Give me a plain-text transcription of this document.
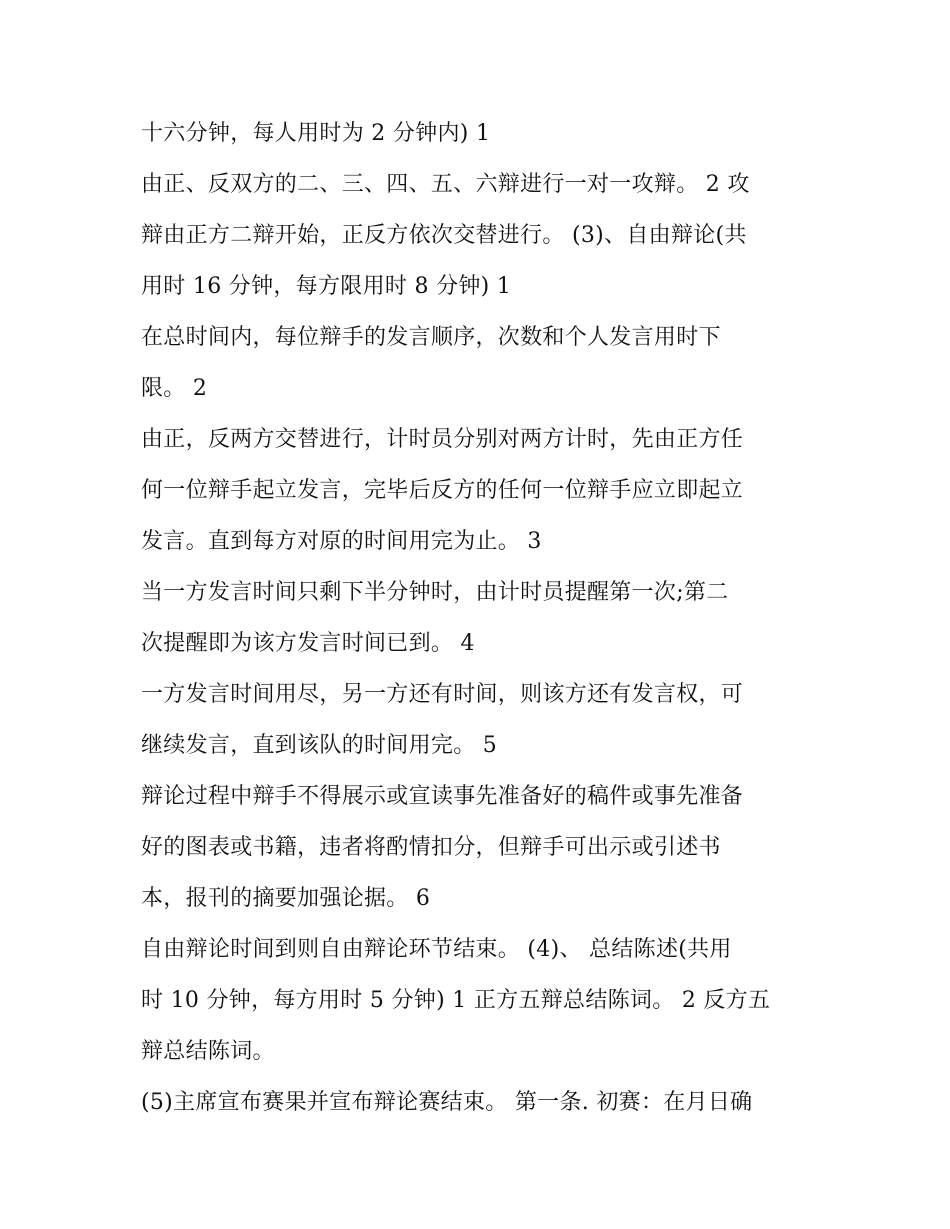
十六分钟，每人用时为 2 分钟内) 1
由正、反双方的二、三、四、五、六辩进行一对一攻辩。 2 攻
辩由正方二辩开始，正反方依次交替进行。 (3)、自由辩论(共
用时 16 分钟，每方限用时 8 分钟) 1
在总时间内，每位辩手的发言顺序，次数和个人发言用时下
限。 2
由正，反两方交替进行，计时员分别对两方计时，先由正方任
何一位辩手起立发言，完毕后反方的任何一位辩手应立即起立
发言。直到每方对原的时间用完为止。 3
当一方发言时间只剩下半分钟时，由计时员提醒第一次;第二
次提醒即为该方发言时间已到。 4
一方发言时间用尽，另一方还有时间，则该方还有发言权，可
继续发言，直到该队的时间用完。 5
辩论过程中辩手不得展示或宣读事先准备好的稿件或事先准备
好的图表或书籍，违者将酌情扣分，但辩手可出示或引述书
本，报刊的摘要加强论据。 6
自由辩论时间到则自由辩论环节结束。 (4)、 总结陈述(共用
时 10 分钟，每方用时 5 分钟) 1 正方五辩总结陈词。 2 反方五
辩总结陈词。
(5)主席宣布赛果并宣布辩论赛结束。 第一条. 初赛：在月日确
